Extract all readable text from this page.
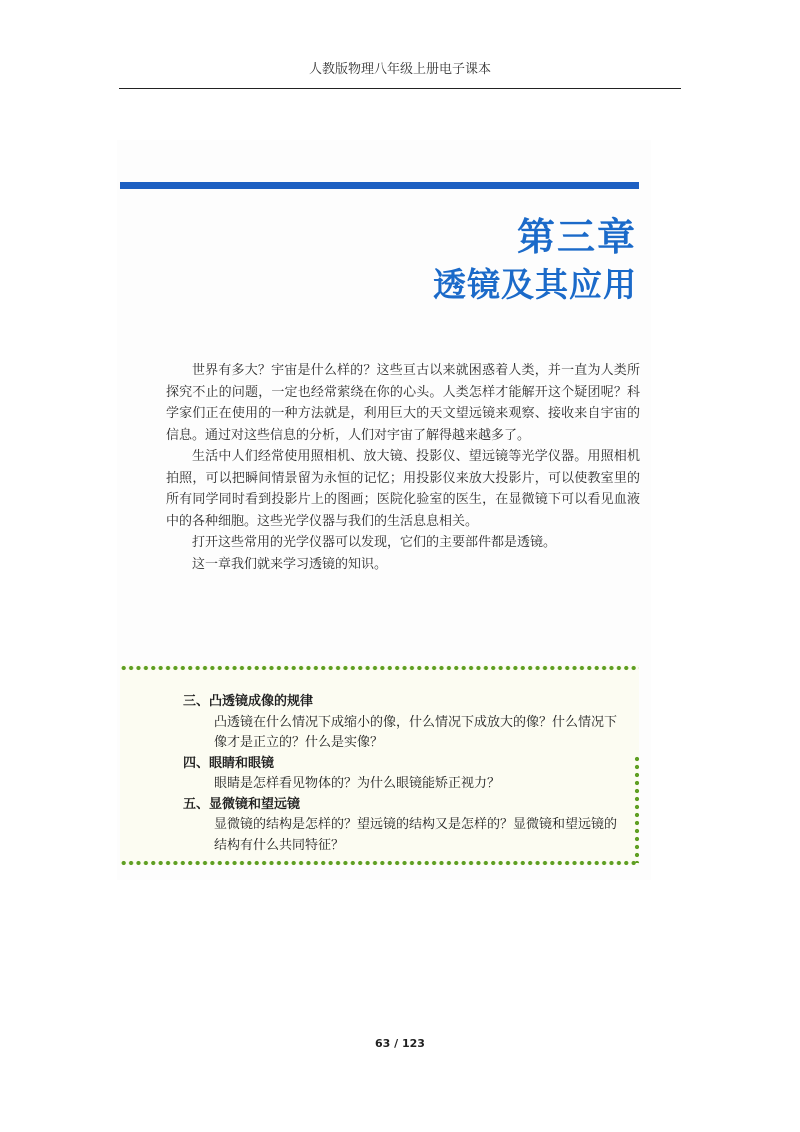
人教版物理八年级上册电子课本
第三章
透镜及其应用

世界有多大？宇宙是什么样的？这些亘古以来就困惑着人类，并一直为人类所探究不止的问题，一定也经常萦绕在你的心头。人类怎样才能解开这个疑团呢？科学家们正在使用的一种方法就是，利用巨大的天文望远镜来观察、接收来自宇宙的信息。通过对这些信息的分析，人们对宇宙了解得越来越多了。

生活中人们经常使用照相机、放大镜、投影仪、望远镜等光学仪器。用照相机拍照，可以把瞬间情景留为永恒的记忆；用投影仪来放大投影片，可以使教室里的所有同学同时看到投影片上的图画；医院化验室的医生，在显微镜下可以看见血液中的各种细胞。这些光学仪器与我们的生活息息相关。

打开这些常用的光学仪器可以发现，它们的主要部件都是透镜。

这一章我们就来学习透镜的知识。

三、凸透镜成像的规律
凸透镜在什么情况下成缩小的像，什么情况下成放大的像？什么情况下像才是正立的？什么是实像？
四、眼睛和眼镜
眼睛是怎样看见物体的？为什么眼镜能矫正视力？
五、显微镜和望远镜
显微镜的结构是怎样的？望远镜的结构又是怎样的？显微镜和望远镜的结构有什么共同特征？
63 / 123
